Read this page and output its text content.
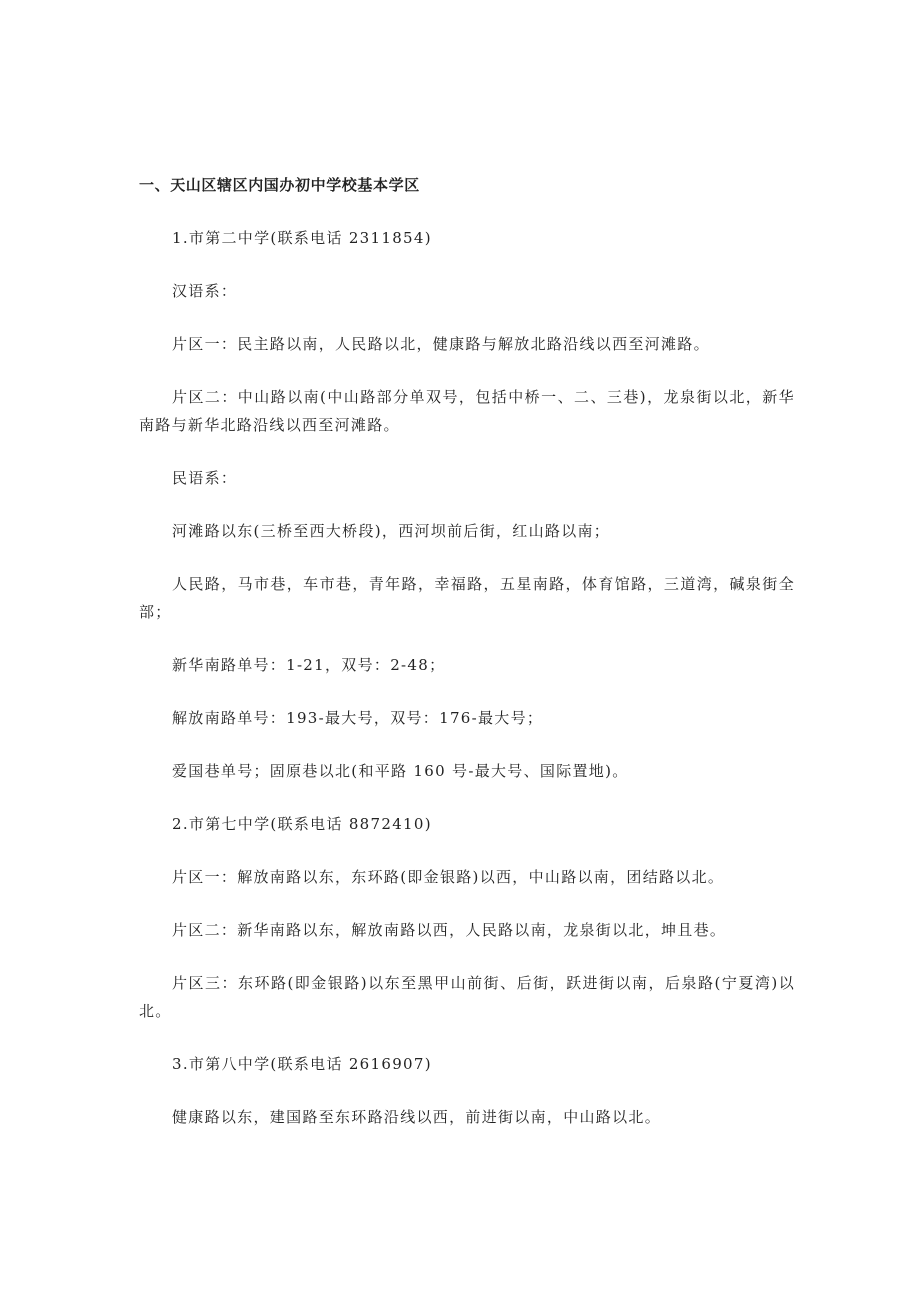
一、天山区辖区内国办初中学校基本学区

1.市第二中学(联系电话 2311854)

汉语系：

片区一：民主路以南，人民路以北，健康路与解放北路沿线以西至河滩路。

片区二：中山路以南(中山路部分单双号，包括中桥一、二、三巷)，龙泉街以北，新华南路与新华北路沿线以西至河滩路。

民语系：

河滩路以东(三桥至西大桥段)，西河坝前后街，红山路以南；

人民路，马市巷，车市巷，青年路，幸福路，五星南路，体育馆路，三道湾，碱泉街全部；

新华南路单号：1-21，双号：2-48；

解放南路单号：193-最大号，双号：176-最大号；

爱国巷单号；固原巷以北(和平路 160 号-最大号、国际置地)。

2.市第七中学(联系电话 8872410)

片区一：解放南路以东，东环路(即金银路)以西，中山路以南，团结路以北。

片区二：新华南路以东，解放南路以西，人民路以南，龙泉街以北，坤且巷。

片区三：东环路(即金银路)以东至黑甲山前街、后街，跃进街以南，后泉路(宁夏湾)以北。

3.市第八中学(联系电话 2616907)

健康路以东，建国路至东环路沿线以西，前进街以南，中山路以北。
